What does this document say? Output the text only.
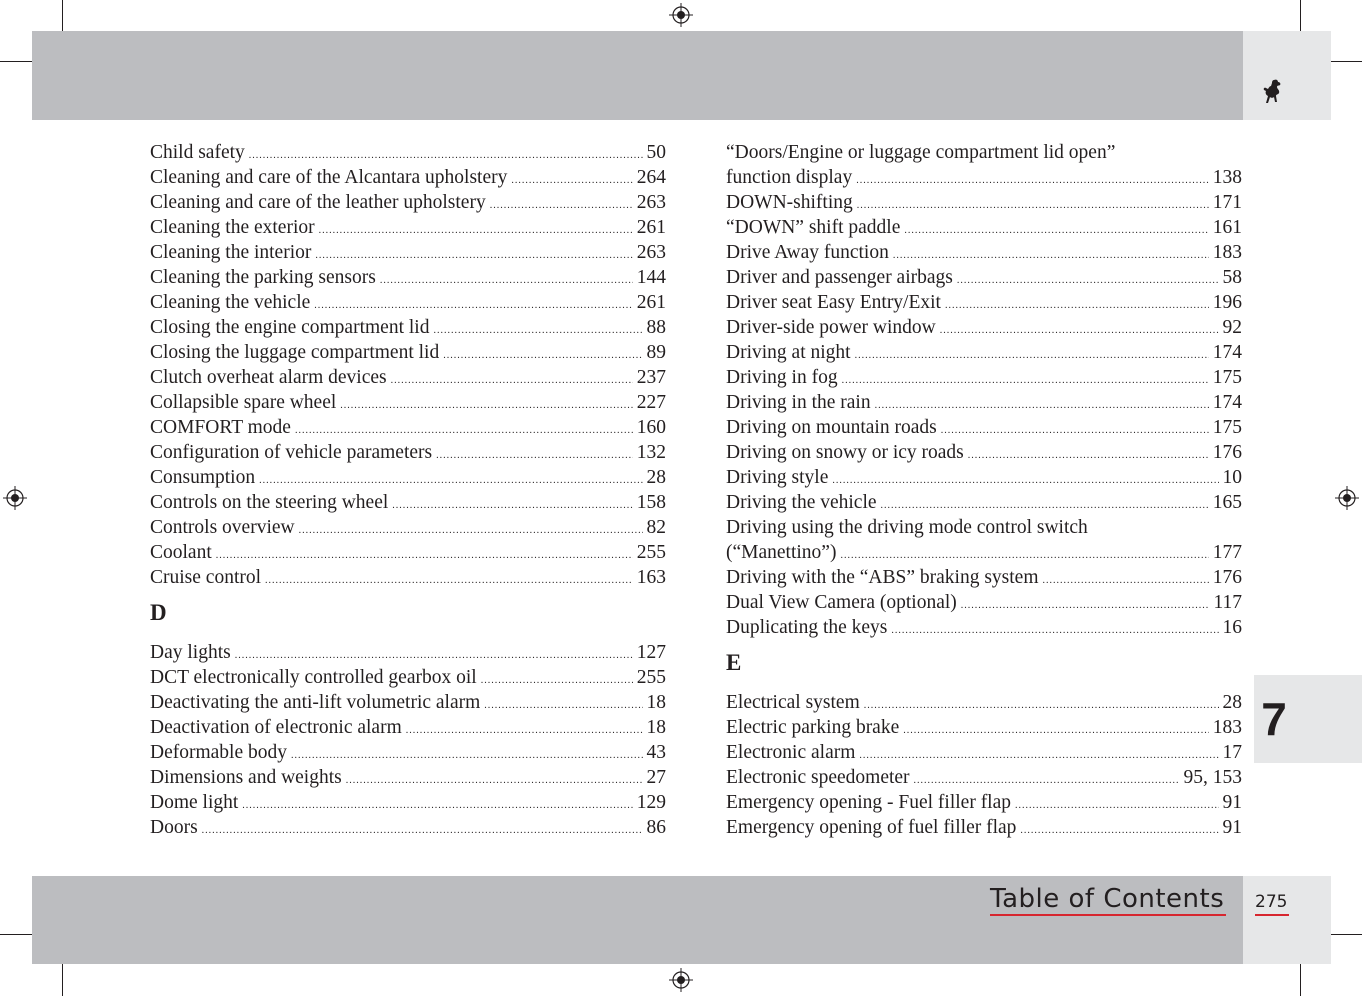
Child safety .....	50
Cleaning and care of the Alcantara upholstery .....	264
Cleaning and care of the leather upholstery .....	263
Cleaning the exterior .....	261
Cleaning the interior .....	263
Cleaning the parking sensors .....	144
Cleaning the vehicle .....	261
Closing the engine compartment lid .....	88
Closing the luggage compartment lid .....	89
Clutch overheat alarm devices .....	237
Collapsible spare wheel .....	227
COMFORT mode .....	160
Configuration of vehicle parameters .....	132
Consumption .....	28
Controls on the steering wheel .....	158
Controls overview .....	82
Coolant .....	255
Cruise control .....	163
D
Day lights .....	127
DCT electronically controlled gearbox oil .....	255
Deactivating the anti-lift volumetric alarm .....	18
Deactivation of electronic alarm .....	18
Deformable body .....	43
Dimensions and weights .....	27
Dome light .....	129
Doors .....	86
“Doors/Engine or luggage compartment lid open”
function display .....	138
DOWN-shifting .....	171
“DOWN” shift paddle .....	161
Drive Away function .....	183
Driver and passenger airbags .....	58
Driver seat Easy Entry/Exit .....	196
Driver-side power window .....	92
Driving at night .....	174
Driving in fog .....	175
Driving in the rain .....	174
Driving on mountain roads .....	175
Driving on snowy or icy roads .....	176
Driving style .....	10
Driving the vehicle .....	165
Driving using the driving mode control switch
(“Manettino”) .....	177
Driving with the “ABS” braking system .....	176
Dual View Camera (optional) .....	117
Duplicating the keys .....	16
E
Electrical system .....	28
Electric parking brake .....	183
Electronic alarm .....	17
Electronic speedometer .....	95, 153
Emergency opening - Fuel filler flap .....	91
Emergency opening of fuel filler flap .....	91
7
Table of Contents 275
